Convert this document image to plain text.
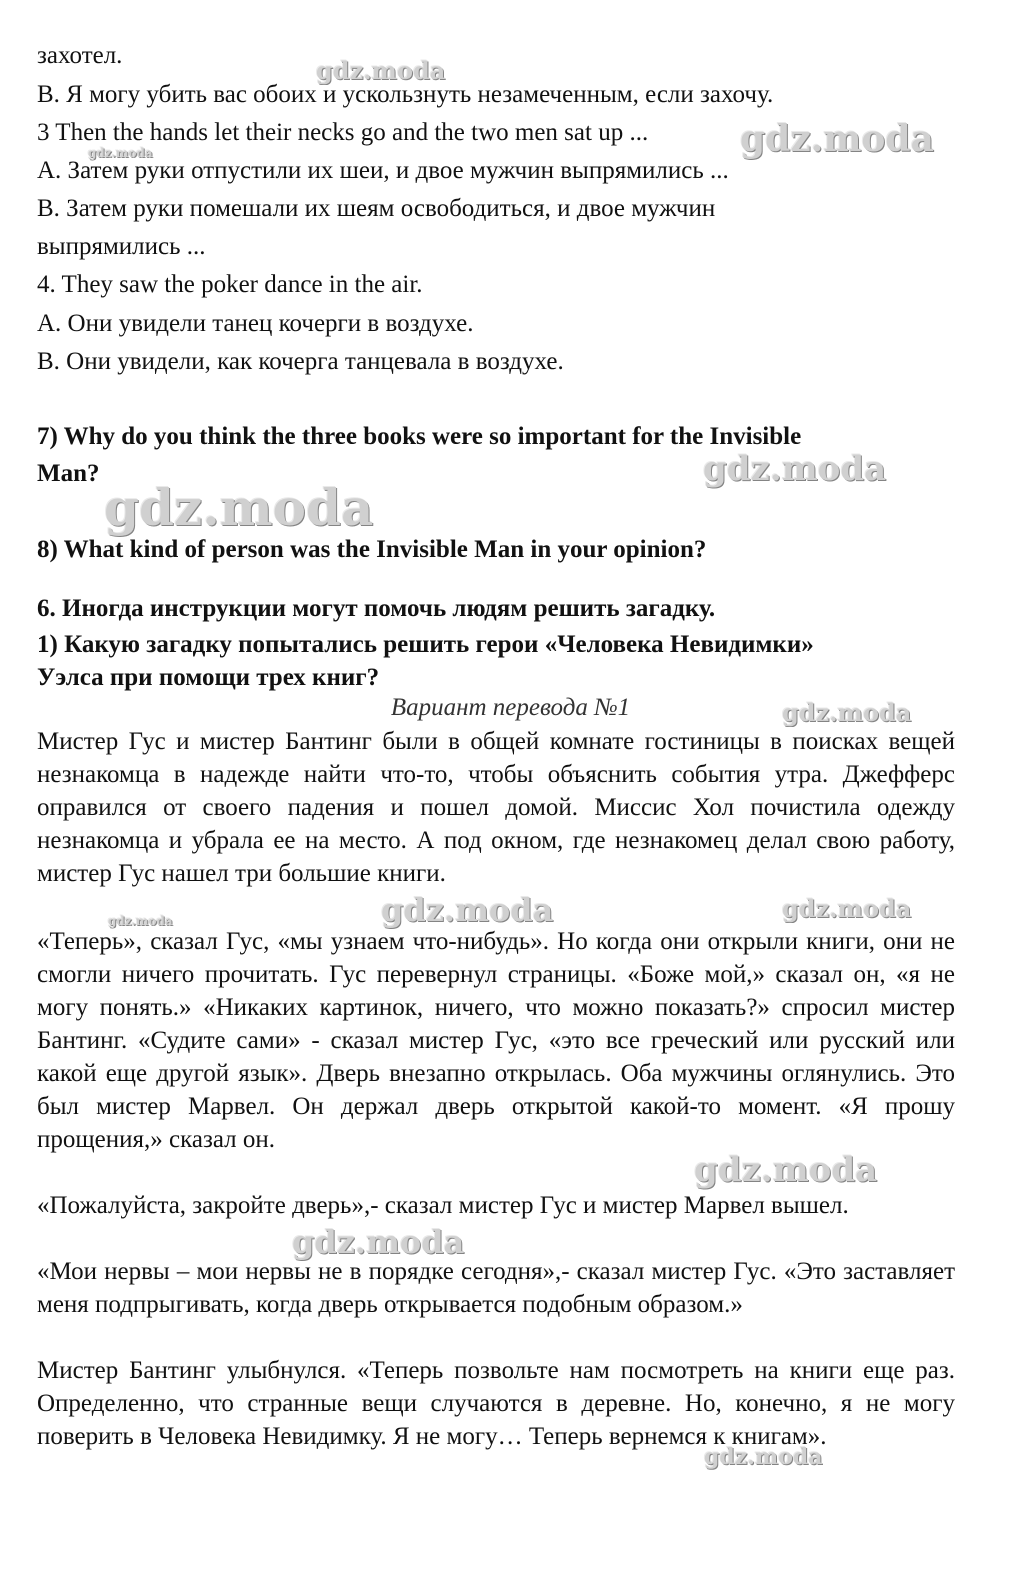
захотел.

B. Я могу убить вас обоих и ускользнуть незамеченным, если захочу.

3 Then the hands let their necks go and the two men sat up ...

A. Затем руки отпустили их шеи, и двое мужчин выпрямились ...

B. Затем руки помешали их шеям освободиться, и двое мужчин

выпрямились ...

4. They saw the poker dance in the air.

A. Они увидели танец кочерги в воздухе.

B. Они увидели, как кочерга танцевала в воздухе.

7) Why do you think the three books were so important for the Invisible

Man?

8) What kind of person was the Invisible Man in your opinion?

6. Иногда инструкции могут помочь людям решить загадку.

1) Какую загадку попытались решить герои «Человека Невидимки»

Уэлса при помощи трех книг?

Вариант перевода №1

Мистер Гус и мистер Бантинг были в общей комнате гостиницы в поисках вещей незнакомца в надежде найти что-то, чтобы объяснить события утра. Джефферс оправился от своего падения и пошел домой. Миссис Хол почистила одежду незнакомца и убрала ее на место. А под окном, где незнакомец делал свою работу, мистер Гус нашел три большие книги.

«Теперь», сказал Гус, «мы узнаем что-нибудь». Но когда они открыли книги, они не смогли ничего прочитать. Гус перевернул страницы. «Боже мой,» сказал он, «я не могу понять.» «Никаких картинок, ничего, что можно показать?» спросил мистер Бантинг. «Судите сами» - сказал мистер Гус, «это все греческий или русский или какой еще другой язык». Дверь внезапно открылась. Оба мужчины оглянулись. Это был мистер Марвел. Он держал дверь открытой какой-то момент. «Я прошу прощения,» сказал он.

«Пожалуйста, закройте дверь»,- сказал мистер Гус и мистер Марвел вышел.

«Мои нервы – мои нервы не в порядке сегодня»,- сказал мистер Гус. «Это заставляет меня подпрыгивать, когда дверь открывается подобным образом.»

Мистер Бантинг улыбнулся. «Теперь позвольте нам посмотреть на книги еще раз. Определенно, что странные вещи случаются в деревне. Но, конечно, я не могу поверить в Человека Невидимку. Я не могу… Теперь вернемся к книгам».

gdz.moda
gdz.moda
gdz.moda
gdz.moda
gdz.moda
gdz.moda
gdz.moda	gdz.moda	gdz.moda
gdz.moda
gdz.moda
gdz.moda
